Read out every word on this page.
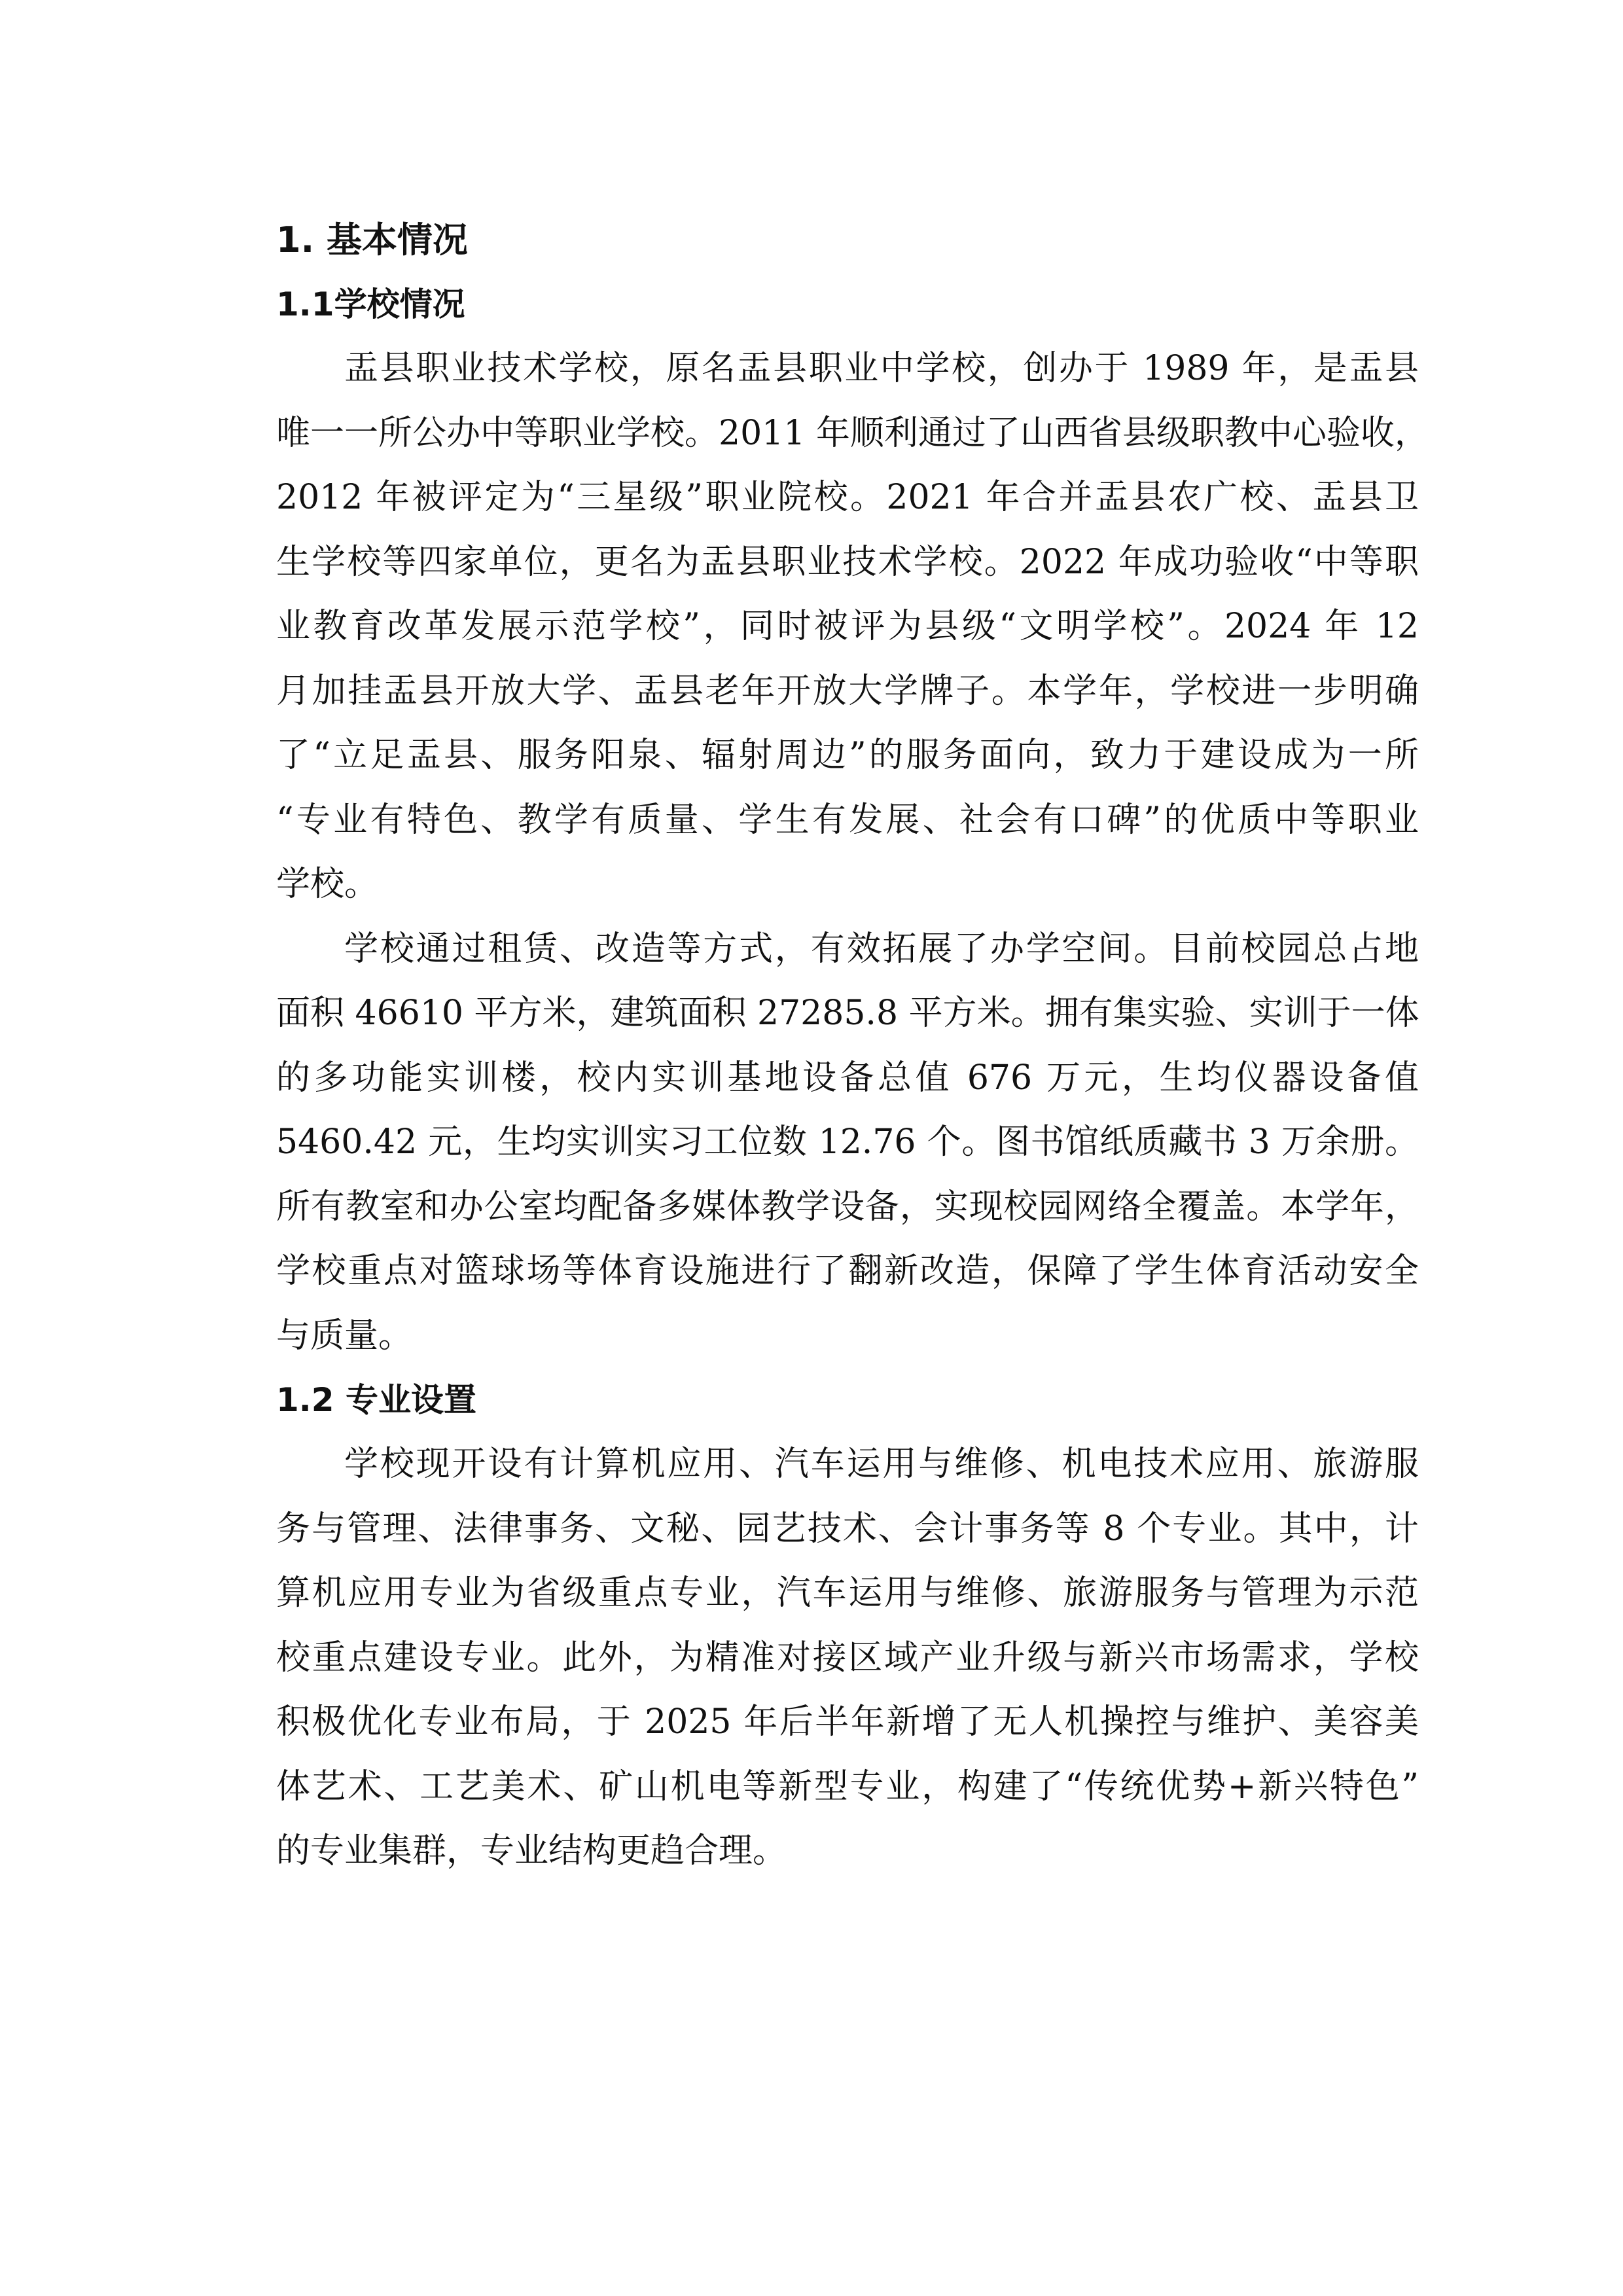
1. 基本情况
1.1学校情况
盂县职业技术学校，原名盂县职业中学校，创办于 1989 年，是盂县
唯一一所公办中等职业学校。2011 年顺利通过了山西省县级职教中心验收，
2012 年被评定为“三星级”职业院校。2021 年合并盂县农广校、盂县卫
生学校等四家单位，更名为盂县职业技术学校。2022 年成功验收“中等职
业教育改革发展示范学校”，同时被评为县级“文明学校”。2024 年 12
月加挂盂县开放大学、盂县老年开放大学牌子。本学年，学校进一步明确
了“立足盂县、服务阳泉、辐射周边”的服务面向，致力于建设成为一所
“专业有特色、教学有质量、学生有发展、社会有口碑”的优质中等职业
学校。
学校通过租赁、改造等方式，有效拓展了办学空间。目前校园总占地
面积 46610 平方米，建筑面积 27285.8 平方米。拥有集实验、实训于一体
的多功能实训楼，校内实训基地设备总值 676 万元，生均仪器设备值
5460.42 元，生均实训实习工位数 12.76 个。图书馆纸质藏书 3 万余册。
所有教室和办公室均配备多媒体教学设备，实现校园网络全覆盖。本学年，
学校重点对篮球场等体育设施进行了翻新改造，保障了学生体育活动安全
与质量。
1.2 专业设置
学校现开设有计算机应用、汽车运用与维修、机电技术应用、旅游服
务与管理、法律事务、文秘、园艺技术、会计事务等 8 个专业。其中，计
算机应用专业为省级重点专业，汽车运用与维修、旅游服务与管理为示范
校重点建设专业。此外，为精准对接区域产业升级与新兴市场需求，学校
积极优化专业布局，于 2025 年后半年新增了无人机操控与维护、美容美
体艺术、工艺美术、矿山机电等新型专业，构建了“传统优势+新兴特色”
的专业集群，专业结构更趋合理。
